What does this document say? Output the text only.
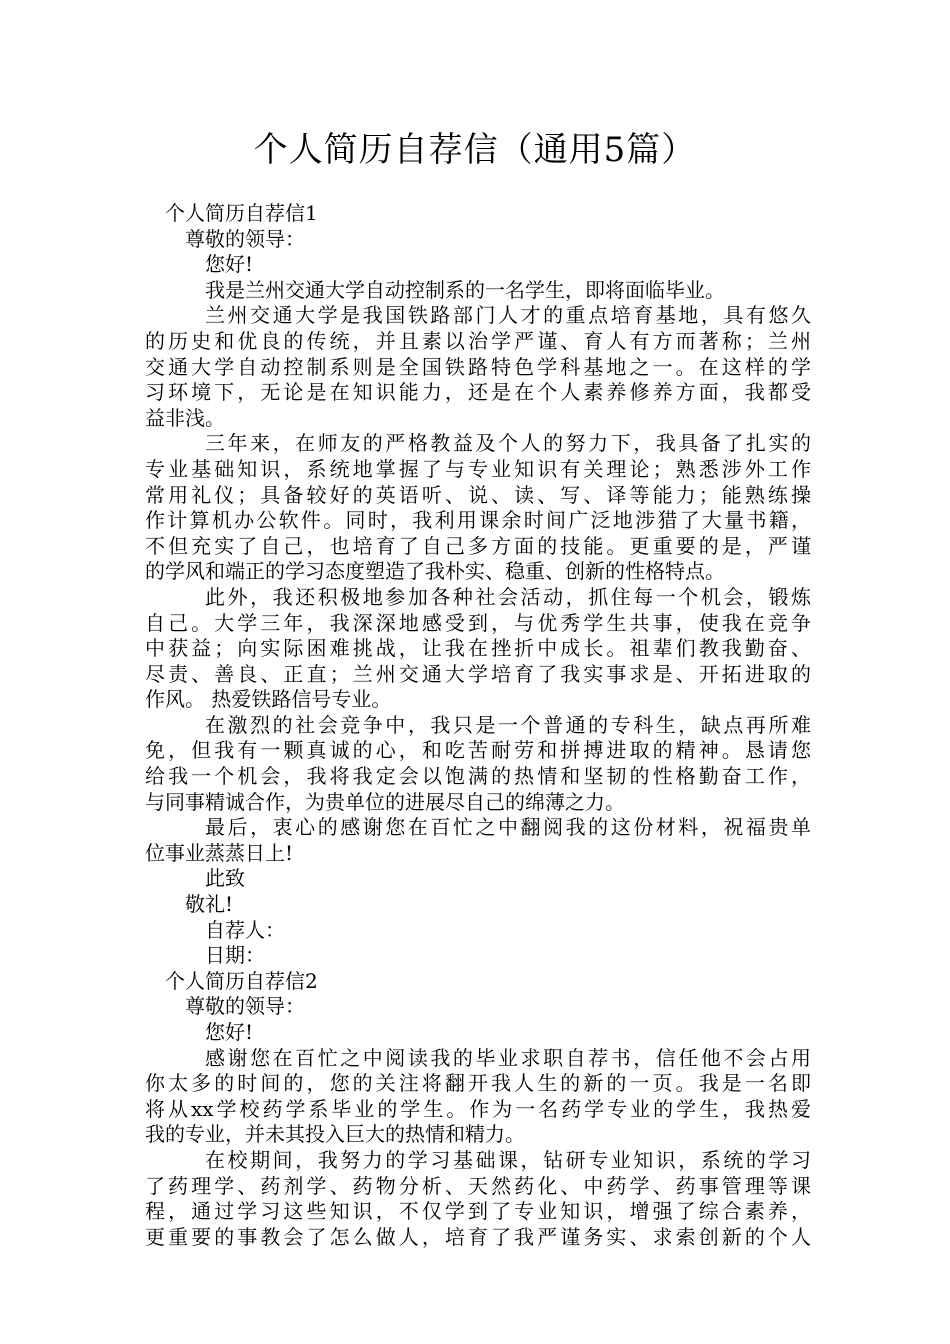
个人简历自荐信（通用5篇）
个人简历自荐信1
尊敬的领导：
您好!
我是兰州交通大学自动控制系的一名学生，即将面临毕业。
兰州交通大学是我国铁路部门人才的重点培育基地，具有悠久
的历史和优良的传统，并且素以治学严谨、育人有方而著称；兰州
交通大学自动控制系则是全国铁路特色学科基地之一。在这样的学
习环境下，无论是在知识能力，还是在个人素养修养方面，我都受
益非浅。
三年来，在师友的严格教益及个人的努力下，我具备了扎实的
专业基础知识，系统地掌握了与专业知识有关理论；熟悉涉外工作
常用礼仪；具备较好的英语听、说、读、写、译等能力；能熟练操
作计算机办公软件。同时，我利用课余时间广泛地涉猎了大量书籍，
不但充实了自己，也培育了自己多方面的技能。更重要的是，严谨
的学风和端正的学习态度塑造了我朴实、稳重、创新的性格特点。
此外，我还积极地参加各种社会活动，抓住每一个机会，锻炼
自己。大学三年，我深深地感受到，与优秀学生共事，使我在竞争
中获益；向实际困难挑战，让我在挫折中成长。祖辈们教我勤奋、
尽责、善良、正直；兰州交通大学培育了我实事求是、开拓进取的
作风。 热爱铁路信号专业。
在激烈的社会竞争中，我只是一个普通的专科生，缺点再所难
免，但我有一颗真诚的心，和吃苦耐劳和拼搏进取的精神。恳请您
给我一个机会，我将我定会以饱满的热情和坚韧的性格勤奋工作，
与同事精诚合作，为贵单位的进展尽自己的绵薄之力。
最后，衷心的感谢您在百忙之中翻阅我的这份材料，祝福贵单
位事业蒸蒸日上!
此致
敬礼!
自荐人：
日期：
个人简历自荐信2
尊敬的领导：
您好!
感谢您在百忙之中阅读我的毕业求职自荐书，信任他不会占用
你太多的时间的，您的关注将翻开我人生的新的一页。我是一名即
将从xx学校药学系毕业的学生。作为一名药学专业的学生，我热爱
我的专业，并未其投入巨大的热情和精力。
在校期间，我努力的学习基础课，钻研专业知识，系统的学习
了药理学、药剂学、药物分析、天然药化、中药学、药事管理等课
程，通过学习这些知识，不仅学到了专业知识，增强了综合素养，
更重要的事教会了怎么做人，培育了我严谨务实、求索创新的个人
